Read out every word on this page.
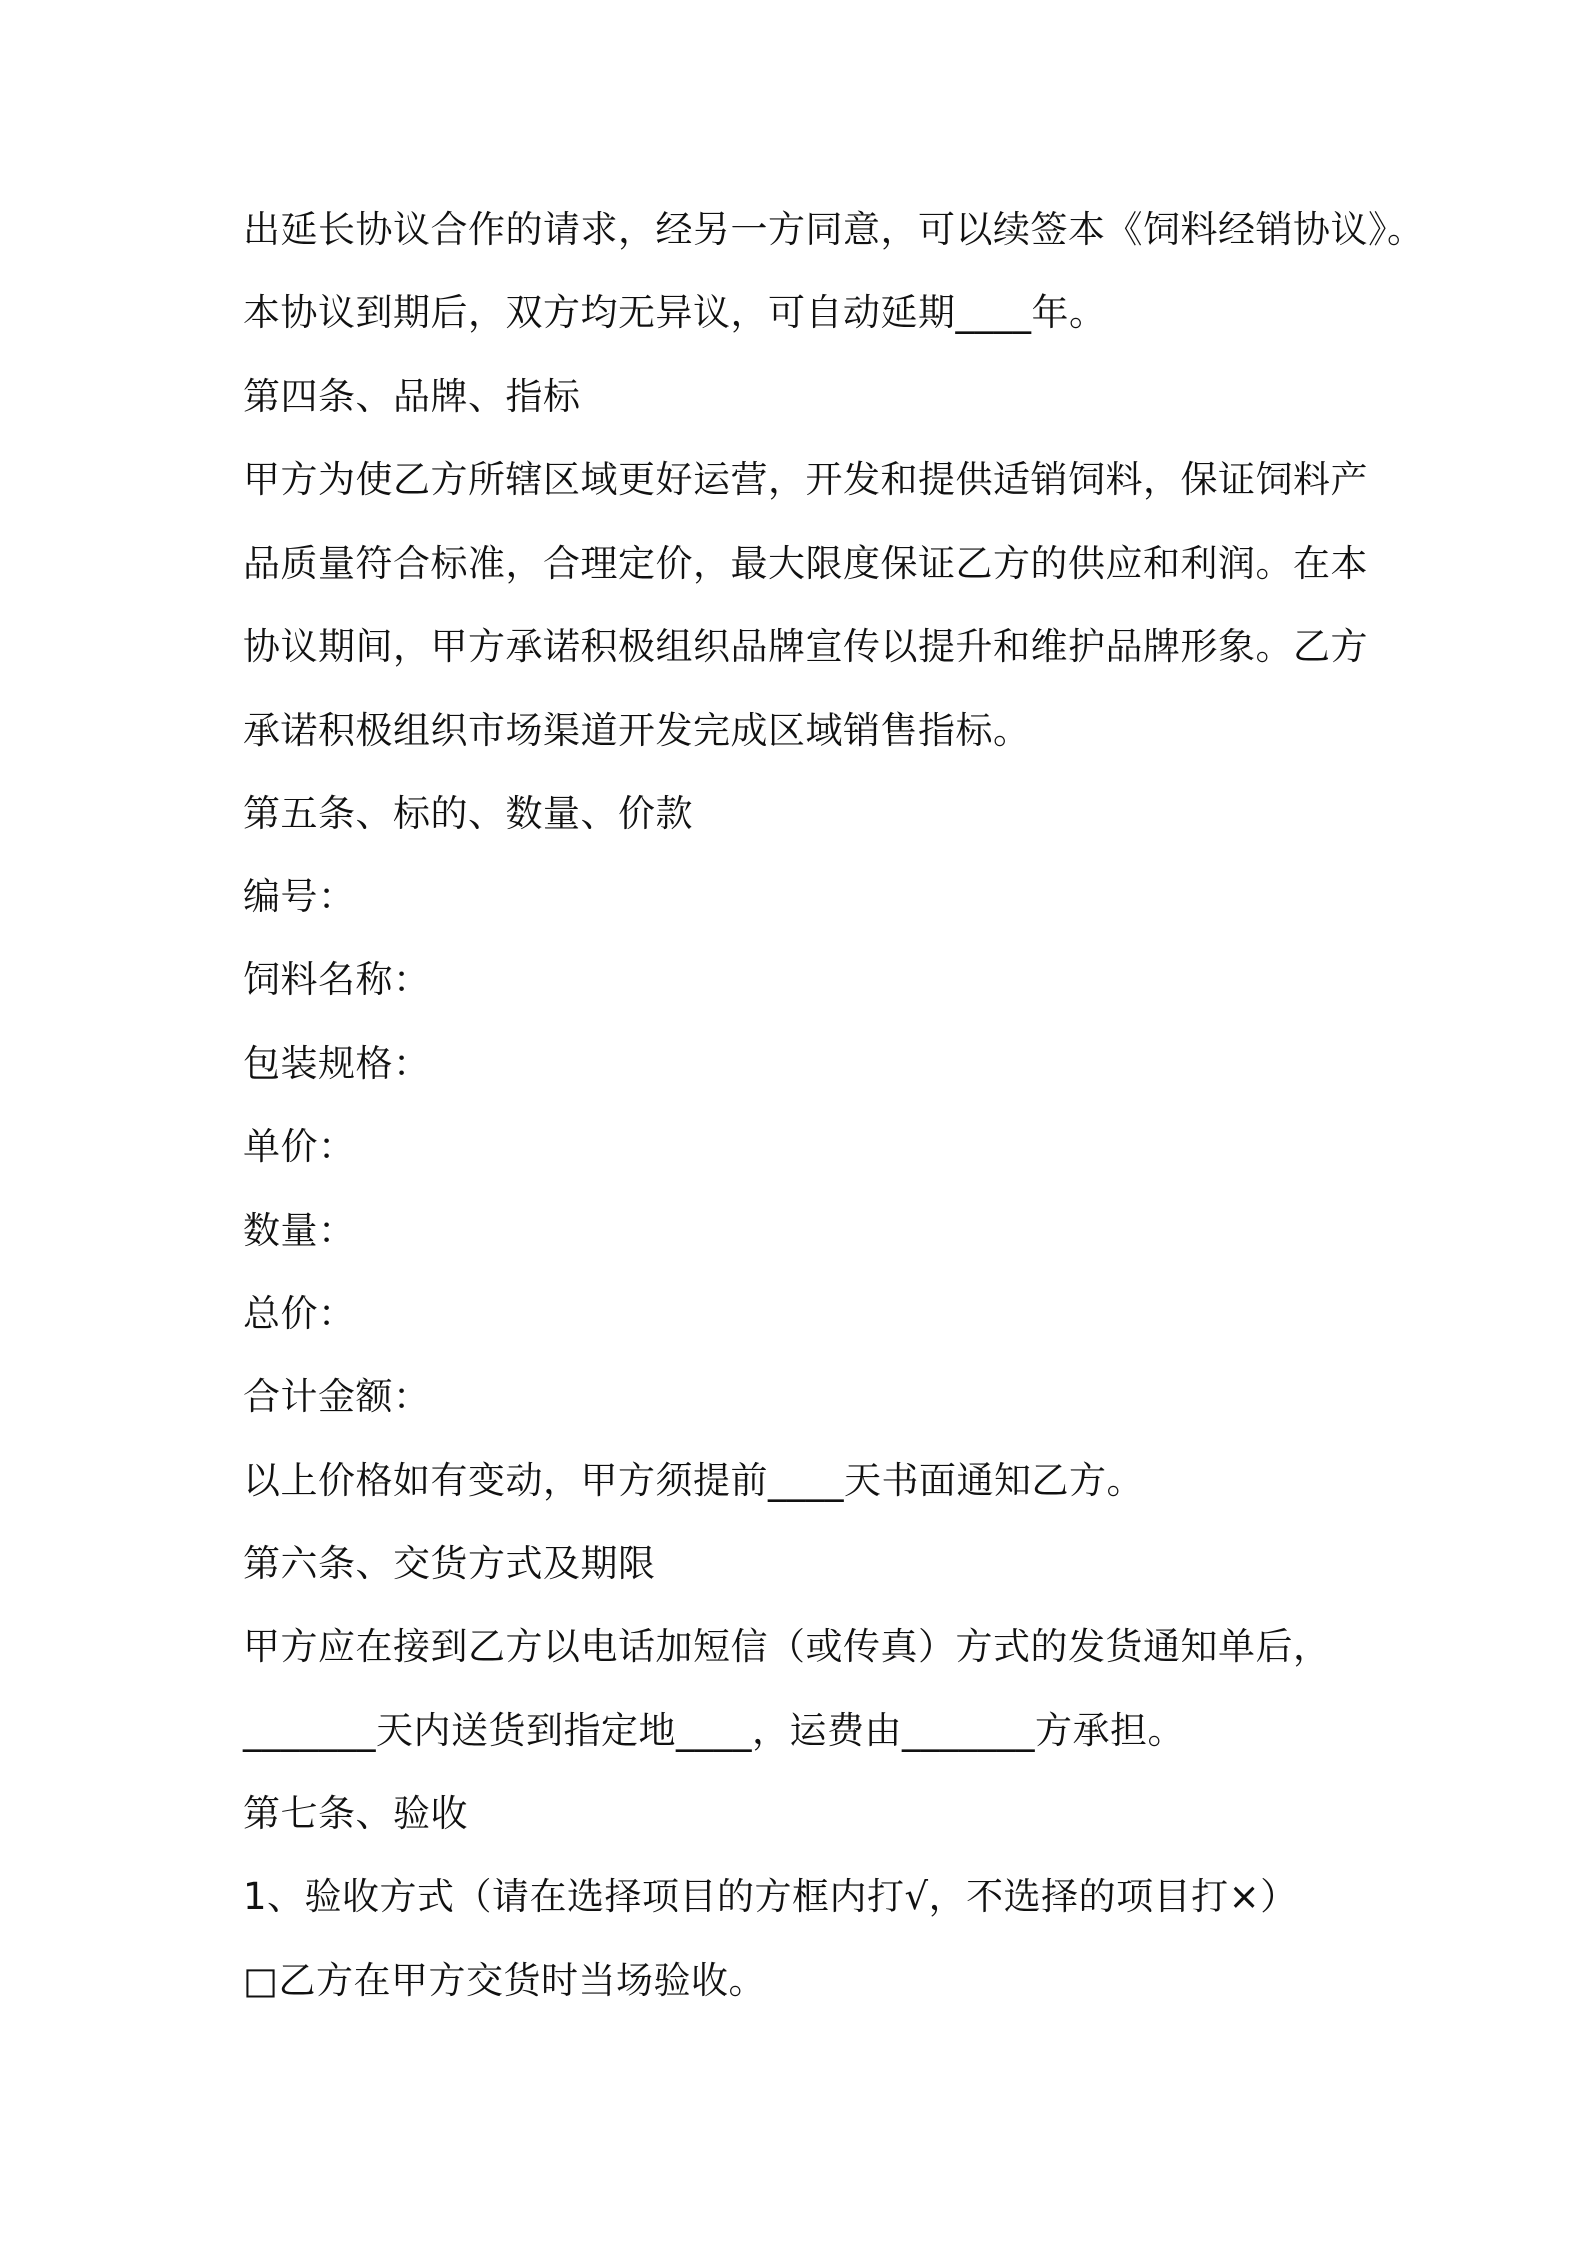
出延长协议合作的请求，经另一方同意，可以续签本《饲料经销协议》。
本协议到期后，双方均无异议，可自动延期____年。
第四条、品牌、指标
甲方为使乙方所辖区域更好运营，开发和提供适销饲料，保证饲料产
品质量符合标准，合理定价，最大限度保证乙方的供应和利润。在本
协议期间，甲方承诺积极组织品牌宣传以提升和维护品牌形象。乙方
承诺积极组织市场渠道开发完成区域销售指标。
第五条、标的、数量、价款
编号：
饲料名称：
包装规格：
单价：
数量：
总价：
合计金额：
以上价格如有变动，甲方须提前____天书面通知乙方。
第六条、交货方式及期限
甲方应在接到乙方以电话加短信（或传真）方式的发货通知单后，
_______天内送货到指定地____，运费由_______方承担。
第七条、验收
1、验收方式（请在选择项目的方框内打√，不选择的项目打×）
□乙方在甲方交货时当场验收。
